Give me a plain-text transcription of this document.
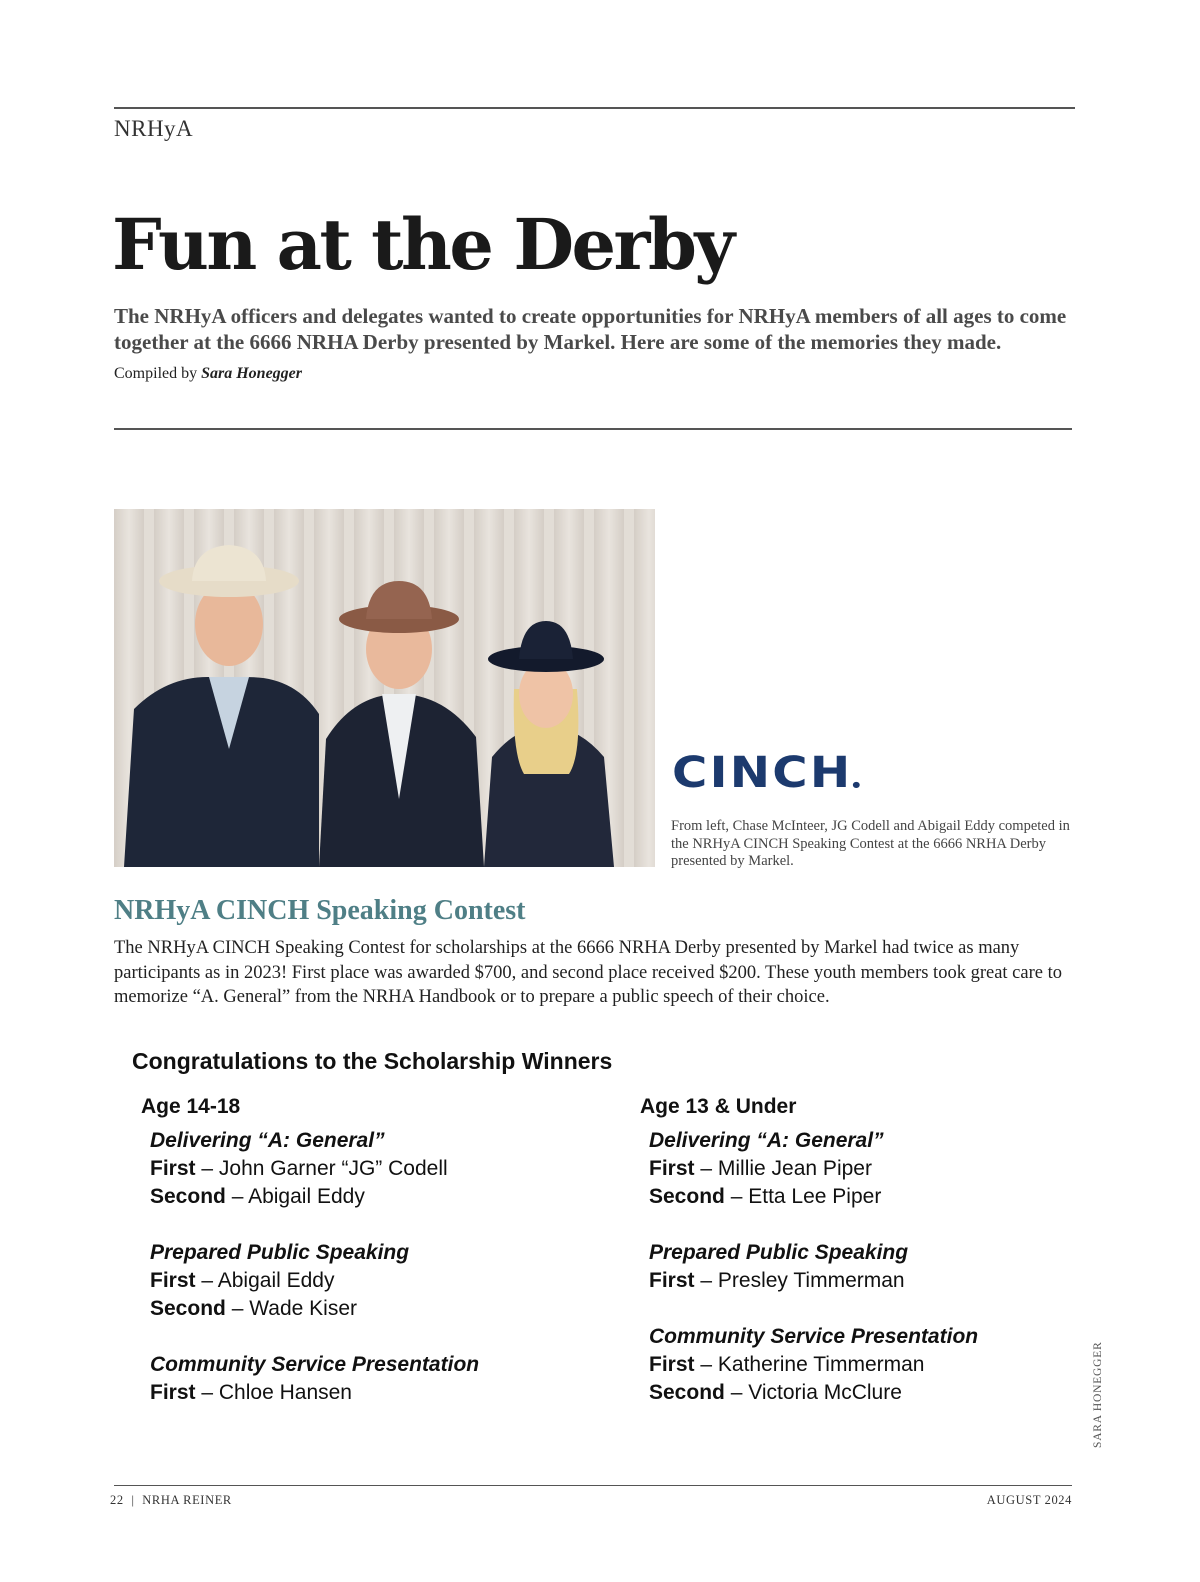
NRHyA
Fun at the Derby
The NRHyA officers and delegates wanted to create opportunities for NRHyA members of all ages to come together at the 6666 NRHA Derby presented by Markel. Here are some of the memories they made.
Compiled by Sara Honegger
CINCH●
From left, Chase McInteer, JG Codell and Abigail Eddy competed in the NRHyA CINCH Speaking Contest at the 6666 NRHA Derby presented by Markel.
NRHyA CINCH Speaking Contest
The NRHyA CINCH Speaking Contest for scholarships at the 6666 NRHA Derby presented by Markel had twice as many participants as in 2023! First place was awarded $700, and second place received $200. These youth members took great care to memorize “A. General” from the NRHA Handbook or to prepare a public speech of their choice.
Congratulations to the Scholarship Winners
Age 14-18
Delivering “A: General”
First – John Garner “JG” Codell
Second – Abigail Eddy
Prepared Public Speaking
First – Abigail Eddy
Second – Wade Kiser
Community Service Presentation
First – Chloe Hansen
Age 13 & Under
Delivering “A: General”
First – Millie Jean Piper
Second – Etta Lee Piper
Prepared Public Speaking
First – Presley Timmerman
Community Service Presentation
First – Katherine Timmerman
Second – Victoria McClure	SARA HONEGGER
22 | NRHA REINER	AUGUST 2024
